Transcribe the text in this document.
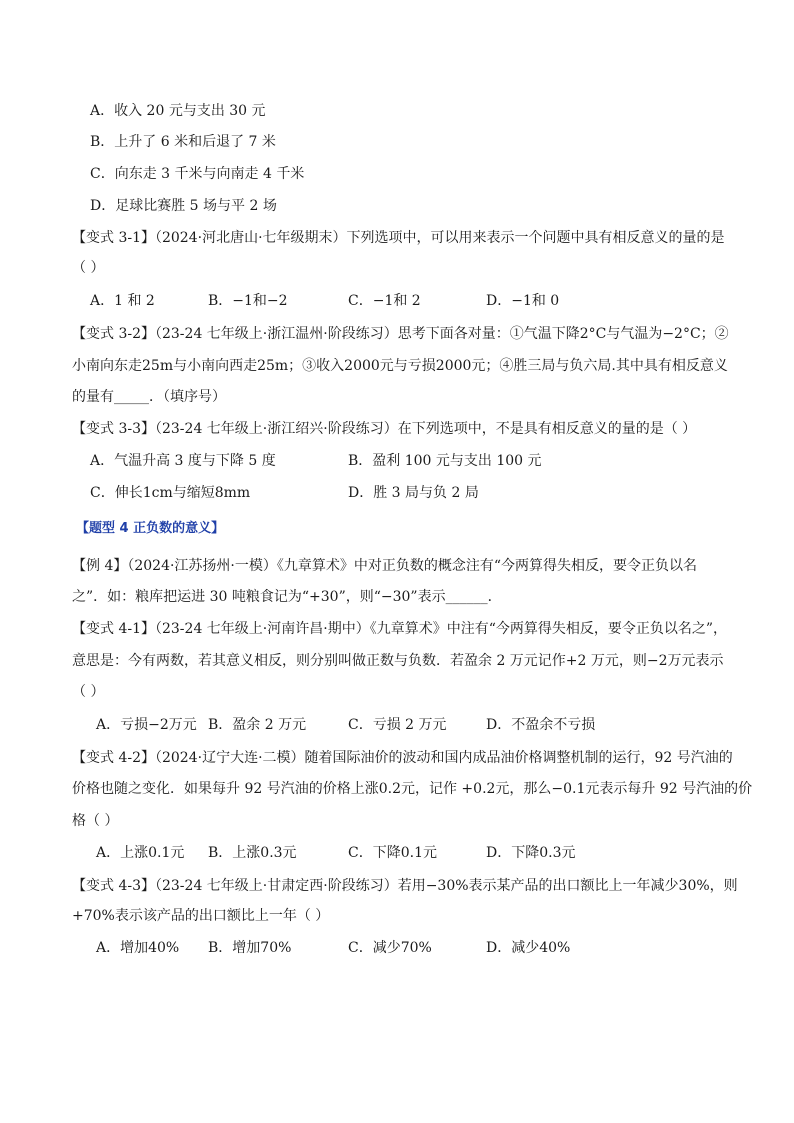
A．收入 20 元与支出 30 元
B．上升了 6 米和后退了 7 米
C．向东走 3 千米与向南走 4 千米
D．足球比赛胜 5 场与平 2 场
【变式 3-1】（2024·河北唐山·七年级期末）下列选项中，可以用来表示一个问题中具有相反意义的量的是
（ ）
A．1 和 2	B．−1和−2	C．−1和 2	D．−1和 0
【变式 3-2】（23-24 七年级上·浙江温州·阶段练习）思考下面各对量：①气温下降2°C与气温为−2°C；②
小南向东走25m与小南向西走25m；③收入2000元与亏损2000元；④胜三局与负六局.其中具有相反意义
的量有_____．（填序号）
【变式 3-3】（23-24 七年级上·浙江绍兴·阶段练习）在下列选项中，不是具有相反意义的量的是（ ）
A．气温升高 3 度与下降 5 度	B．盈利 100 元与支出 100 元
C．伸长1cm与缩短8mm	D．胜 3 局与负 2 局
【题型 4 正负数的意义】
【例 4】（2024·江苏扬州·一模）《九章算术》中对正负数的概念注有“今两算得失相反，要令正负以名
之”．如：粮库把运进 30 吨粮食记为“+30”，则“−30”表示______．
【变式 4-1】（23-24 七年级上·河南许昌·期中）《九章算术》中注有“今两算得失相反，要令正负以名之”，
意思是：今有两数，若其意义相反，则分别叫做正数与负数．若盈余 2 万元记作+2 万元，则−2万元表示
（ ）
A．亏损−2万元 B．盈余 2 万元	C．亏损 2 万元	D．不盈余不亏损
【变式 4-2】（2024·辽宁大连·二模）随着国际油价的波动和国内成品油价格调整机制的运行，92 号汽油的
价格也随之变化．如果每升 92 号汽油的价格上涨0.2元，记作 +0.2元，那么−0.1元表示每升 92 号汽油的价
格（ ）
A．上涨0.1元 B．上涨0.3元	C．下降0.1元	D．下降0.3元
【变式 4-3】（23-24 七年级上·甘肃定西·阶段练习）若用−30%表示某产品的出口额比上一年减少30%，则
+70%表示该产品的出口额比上一年（ ）
A．增加40% B．增加70%	C．减少70%	D．减少40%
